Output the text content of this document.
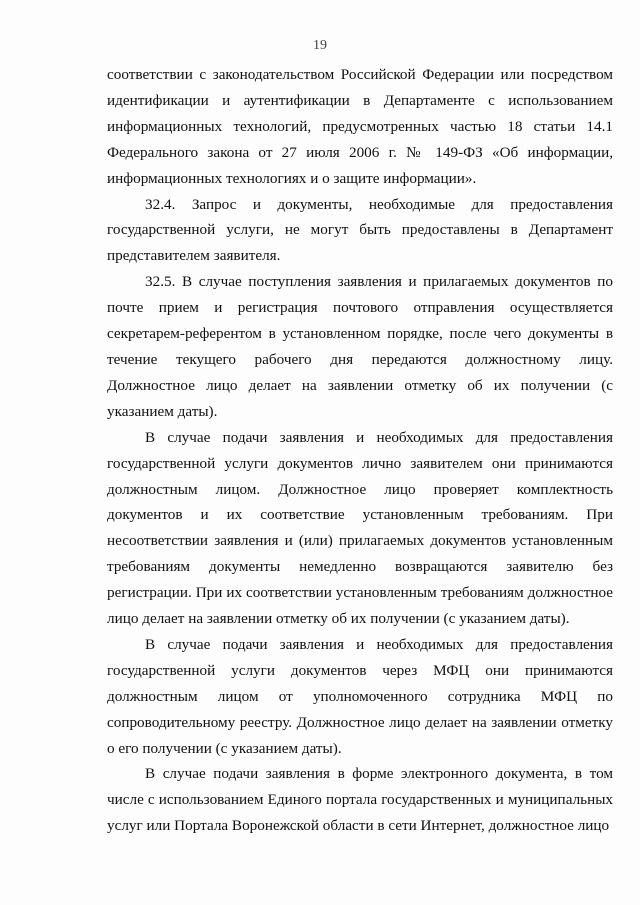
19

соответствии с законодательством Российской Федерации или посредством идентификации и аутентификации в Департаменте с использованием информационных технологий, предусмотренных частью 18 статьи 14.1 Федерального закона от 27 июля 2006 г. № 149-ФЗ «Об информации, информационных технологиях и о защите информации».

32.4. Запрос и документы, необходимые для предоставления государственной услуги, не могут быть предоставлены в Департамент представителем заявителя.

32.5. В случае поступления заявления и прилагаемых документов по почте прием и регистрация почтового отправления осуществляется секретарем-референтом в установленном порядке, после чего документы в течение текущего рабочего дня передаются должностному лицу. Должностное лицо делает на заявлении отметку об их получении (с указанием даты).

В случае подачи заявления и необходимых для предоставления государственной услуги документов лично заявителем они принимаются должностным лицом. Должностное лицо проверяет комплектность документов и их соответствие установленным требованиям. При несоответствии заявления и (или) прилагаемых документов установленным требованиям документы немедленно возвращаются заявителю без регистрации. При их соответствии установленным требованиям должностное лицо делает на заявлении отметку об их получении (с указанием даты).

В случае подачи заявления и необходимых для предоставления государственной услуги документов через МФЦ они принимаются должностным лицом от уполномоченного сотрудника МФЦ по сопроводительному реестру. Должностное лицо делает на заявлении отметку о его получении (с указанием даты).

В случае подачи заявления в форме электронного документа, в том числе с использованием Единого портала государственных и муниципальных услуг или Портала Воронежской области в сети Интернет, должностное лицо
